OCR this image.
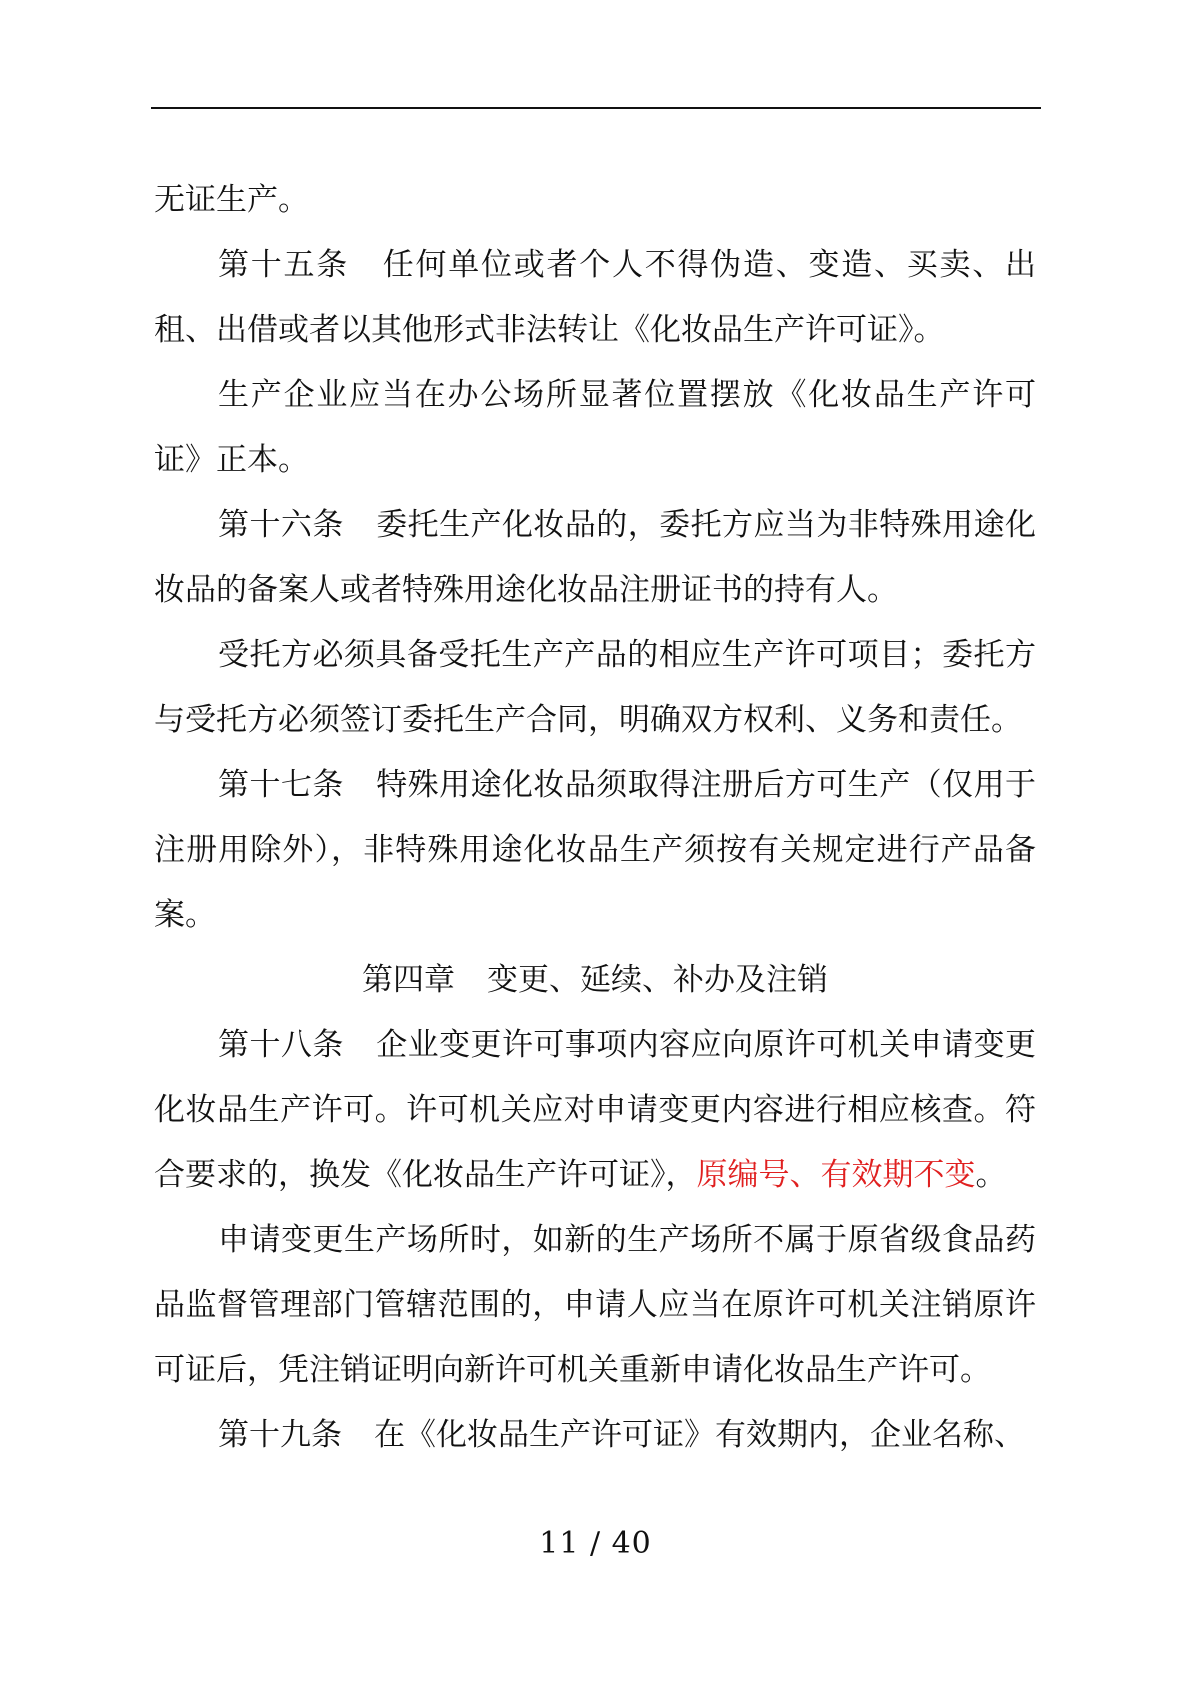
无证生产。

第十五条 任何单位或者个人不得伪造、变造、买卖、出租、出借或者以其他形式非法转让《化妆品生产许可证》。

生产企业应当在办公场所显著位置摆放《化妆品生产许可证》正本。

第十六条 委托生产化妆品的，委托方应当为非特殊用途化妆品的备案人或者特殊用途化妆品注册证书的持有人。

受托方必须具备受托生产产品的相应生产许可项目；委托方与受托方必须签订委托生产合同，明确双方权利、义务和责任。

第十七条 特殊用途化妆品须取得注册后方可生产（仅用于注册用除外），非特殊用途化妆品生产须按有关规定进行产品备案。

第四章 变更、延续、补办及注销

第十八条 企业变更许可事项内容应向原许可机关申请变更化妆品生产许可。许可机关应对申请变更内容进行相应核查。符合要求的，换发《化妆品生产许可证》，原编号、有效期不变。

申请变更生产场所时，如新的生产场所不属于原省级食品药品监督管理部门管辖范围的，申请人应当在原许可机关注销原许可证后，凭注销证明向新许可机关重新申请化妆品生产许可。

第十九条 在《化妆品生产许可证》有效期内，企业名称、

11 / 40
